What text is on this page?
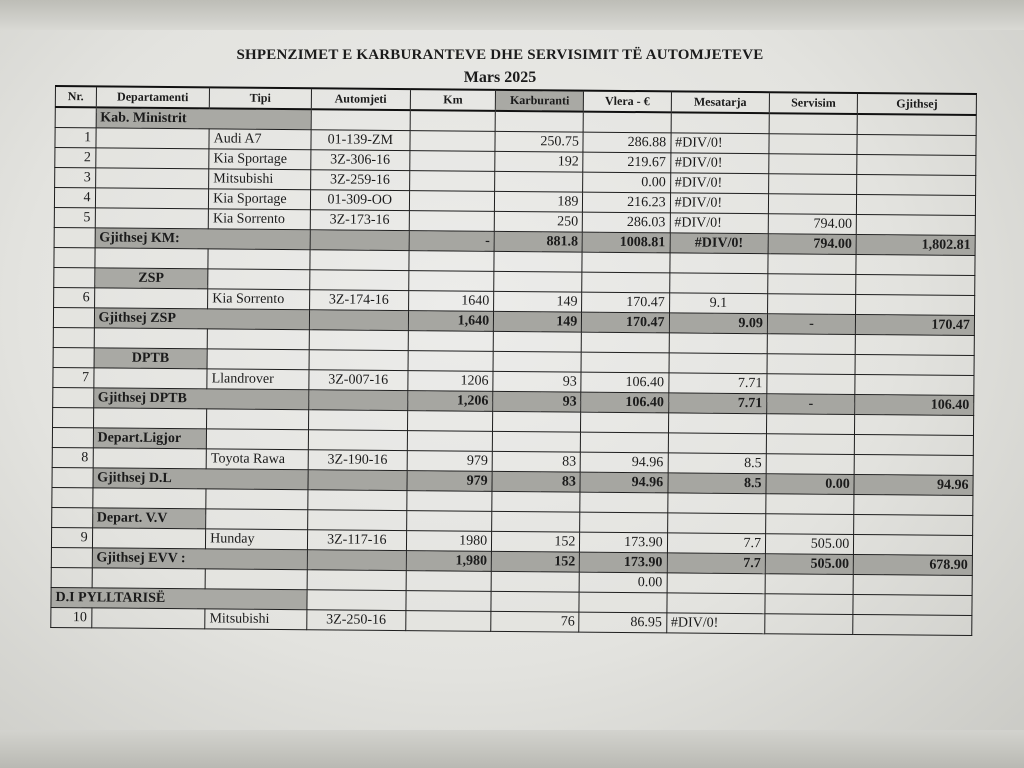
SHPENZIMET E KARBURANTEVE DHE SERVISIMIT TË AUTOMJETEVE
Mars 2025
Nr.	Departamenti	Tipi	Automjeti	Km	Karburanti	Vlera - €	Mesatarja	Servisim	Gjithsej
	Kab. Ministrit								
1		Audi A7	01-139-ZM		250.75	286.88	#DIV/0!		
2		Kia Sportage	3Z-306-16		192	219.67	#DIV/0!		
3		Mitsubishi	3Z-259-16			0.00	#DIV/0!		
4		Kia Sportage	01-309-OO		189	216.23	#DIV/0!		
5		Kia Sorrento	3Z-173-16		250	286.03	#DIV/0!	794.00	
	Gjithsej KM:			-	881.8	1008.81	#DIV/0!	794.00	1,802.81

	ZSP								
6		Kia Sorrento	3Z-174-16	1640	149	170.47	9.1		
	Gjithsej ZSP			1,640	149	170.47	9.09	-	170.47

	DPTB								
7		Llandrover	3Z-007-16	1206	93	106.40	7.71		
	Gjithsej DPTB			1,206	93	106.40	7.71	-	106.40

	Depart.Ligjor								
8		Toyota Rawa	3Z-190-16	979	83	94.96	8.5		
	Gjithsej D.L			979	83	94.96	8.5	0.00	94.96

	Depart. V.V								
9		Hunday	3Z-117-16	1980	152	173.90	7.7	505.00	
	Gjithsej EVV :			1,980	152	173.90	7.7	505.00	678.90
						0.00			
D.I PYLLTARISË									
10		Mitsubishi	3Z-250-16		76	86.95	#DIV/0!		
